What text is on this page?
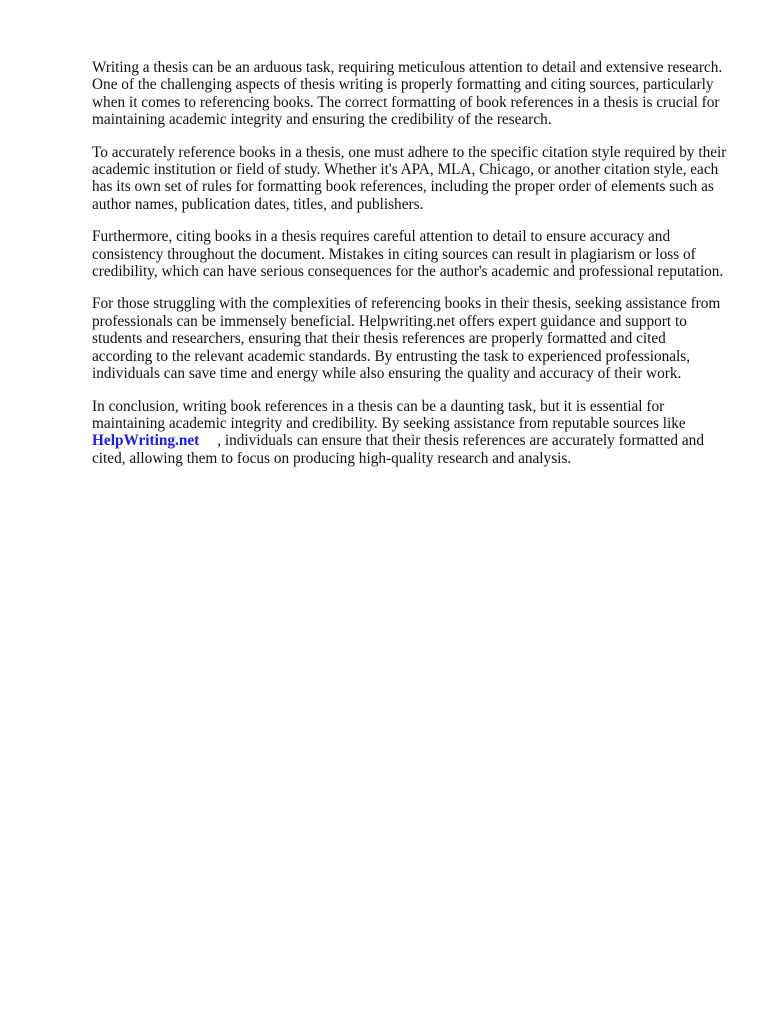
Writing a thesis can be an arduous task, requiring meticulous attention to detail and extensive research. One of the challenging aspects of thesis writing is properly formatting and citing sources, particularly when it comes to referencing books. The correct formatting of book references in a thesis is crucial for maintaining academic integrity and ensuring the credibility of the research.

To accurately reference books in a thesis, one must adhere to the specific citation style required by their academic institution or field of study. Whether it's APA, MLA, Chicago, or another citation style, each has its own set of rules for formatting book references, including the proper order of elements such as author names, publication dates, titles, and publishers.

Furthermore, citing books in a thesis requires careful attention to detail to ensure accuracy and consistency throughout the document. Mistakes in citing sources can result in plagiarism or loss of credibility, which can have serious consequences for the author's academic and professional reputation.

For those struggling with the complexities of referencing books in their thesis, seeking assistance from professionals can be immensely beneficial. Helpwriting.net offers expert guidance and support to students and researchers, ensuring that their thesis references are properly formatted and cited according to the relevant academic standards. By entrusting the task to experienced professionals, individuals can save time and energy while also ensuring the quality and accuracy of their work.

In conclusion, writing book references in a thesis can be a daunting task, but it is essential for maintaining academic integrity and credibility. By seeking assistance from reputable sources like HelpWriting.net , individuals can ensure that their thesis references are accurately formatted and cited, allowing them to focus on producing high-quality research and analysis.
